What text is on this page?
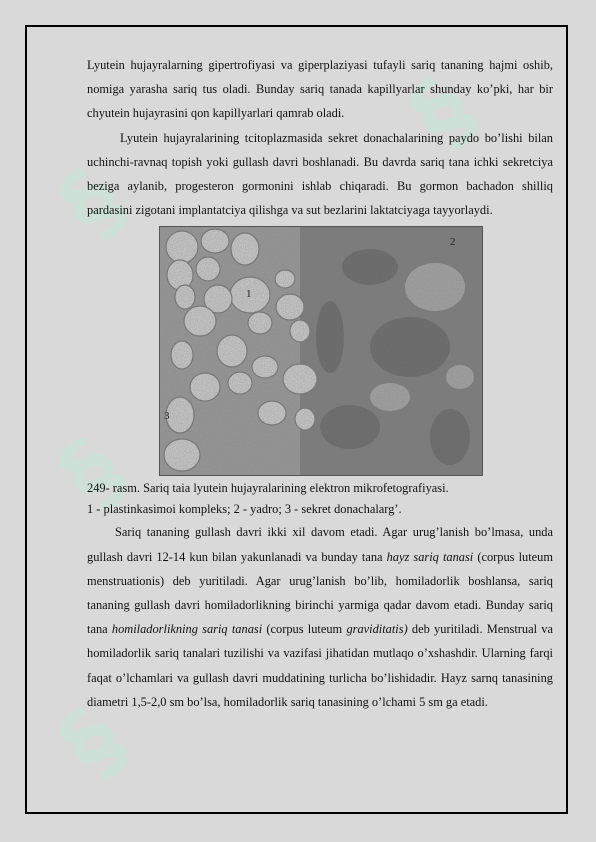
§
§
§
§

Lyutein hujayralarning gipertrofiyasi va giperplaziyasi tufayli sariq tananing hajmi oshib, nomiga yarasha sariq tus oladi. Bunday sariq tanada kapillyarlar shunday ko’pki, har bir chyutein hujayrasini qon kapillyarlari qamrab oladi.

Lyutein hujayralarining tcitoplazmasida sekret donachalarining paydo bo’lishi bilan uchinchi-ravnaq topish yoki gullash davri boshlanadi. Bu davrda sariq tana ichki sekretciya beziga aylanib, progesteron gormonini ishlab chiqaradi. Bu gormon bachadon shilliq pardasini zigotani implantatciya qilishga va sut bezlarini laktatciyaga tayyorlaydi.

1
2
3

249- rasm. Sariq taia lyutein hujayralarining elektron mikrofetografiyasi.

1 - plastinkasimoi kompleks; 2 - yadro; 3 - sekret donachalarg’.

Sariq tananing gullash davri ikki xil davom etadi. Agar urug’lanish bo’lmasa, unda gullash davri 12-14 kun bilan yakunlanadi va bunday tana hayz sariq tanasi (corpus luteum menstruationis) deb yuritiladi. Agar urug’lanish bo’lib, homiladorlik boshlansa, sariq tananing gullash davri homiladorlikning birinchi yarmiga qadar davom etadi. Bunday sariq tana homiladorlikning sariq tanasi (corpus luteum graviditatis) deb yuritiladi. Menstrual va homiladorlik sariq tanalari tuzilishi va vazifasi jihatidan mutlaqo o’xshashdir. Ularning farqi faqat o’lchamlari va gullash davri muddatining turlicha bo’lishidadir. Hayz sarnq tanasining diametri 1,5-2,0 sm bo’lsa, homiladorlik sariq tanasining o’lchami 5 sm ga etadi.
